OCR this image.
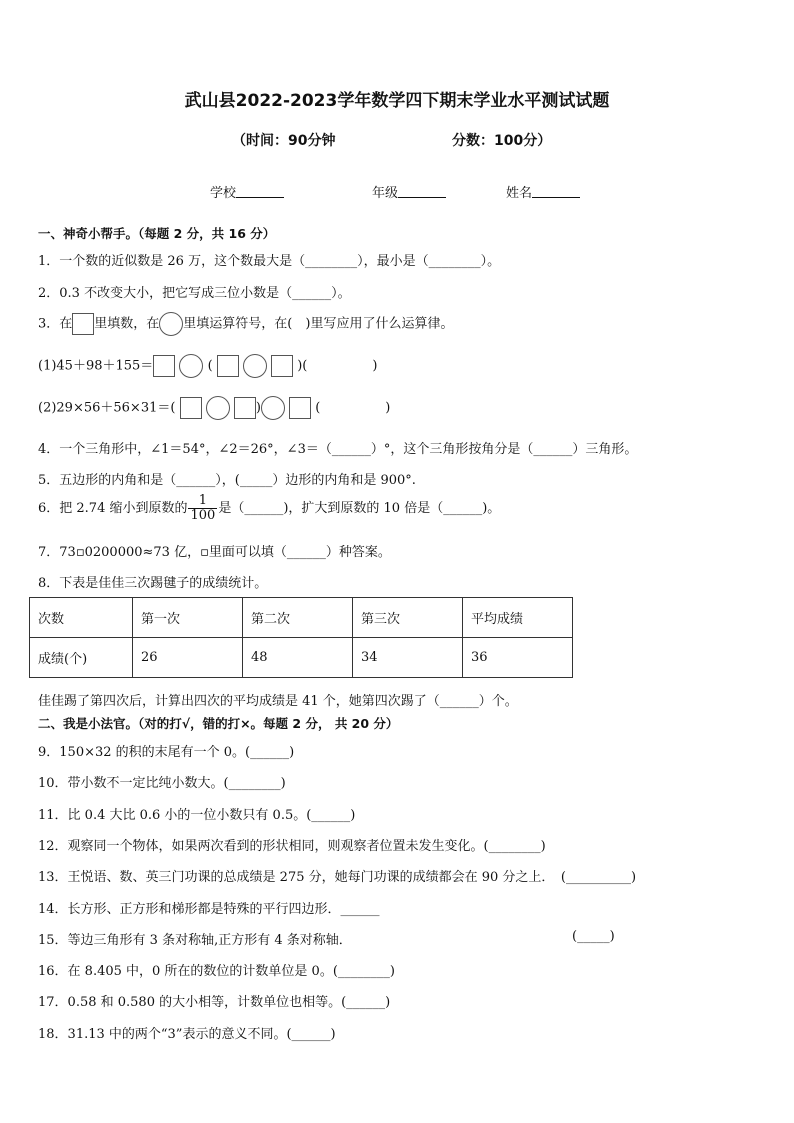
武山县2022-2023学年数学四下期末学业水平测试试题
（时间：90分钟	分数：100分）
学校	年级	姓名
一、神奇小帮手。（每题 2 分，共 16 分）
1．一个数的近似数是 26 万，这个数最大是（________），最小是（________）。
2．0.3 不改变大小，把它写成三位小数是（______）。
3．在 里填数，在 里填运算符号，在(　)里写应用了什么运算律。
(1)45＋98＋155＝	(	)(　　　　　)
(2)29×56＋56×31＝(	)	(　　　　　)
4．一个三角形中，∠1＝54°，∠2＝26°，∠3＝（______）°，这个三角形按角分是（______）三角形。
5．五边形的内角和是（______），(_____）边形的内角和是 900°.
6．把 2.74 缩小到原数的 $\frac{1}{100}$ 是（______)，扩大到原数的 10 倍是（______)。
7．73▫0200000≈73 亿，▫里面可以填（______）种答案。
8．下表是佳佳三次踢毽子的成绩统计。
次数	第一次	第二次	第三次	平均成绩
成绩(个)	26	48	34	36
佳佳踢了第四次后，计算出四次的平均成绩是 41 个，她第四次踢了（______）个。
二、我是小法官。（对的打√，错的打×。每题 2 分， 共 20 分）
9．150×32 的积的末尾有一个 0。(______)
10．带小数不一定比纯小数大。(________)
11．比 0.4 大比 0.6 小的一位小数只有 0.5。(______)
12．观察同一个物体，如果两次看到的形状相同，则观察者位置未发生变化。(________)
13．王悦语、数、英三门功课的总成绩是 275 分，她每门功课的成绩都会在 90 分之上．　(__________)
14．长方形、正方形和梯形都是特殊的平行四边形．______
15．等边三角形有 3 条对称轴,正方形有 4 条对称轴．	(_____)
16．在 8.405 中，0 所在的数位的计数单位是 0。(________)
17．0.58 和 0.580 的大小相等，计数单位也相等。(______)
18．31.13 中的两个“3”表示的意义不同。(______)
